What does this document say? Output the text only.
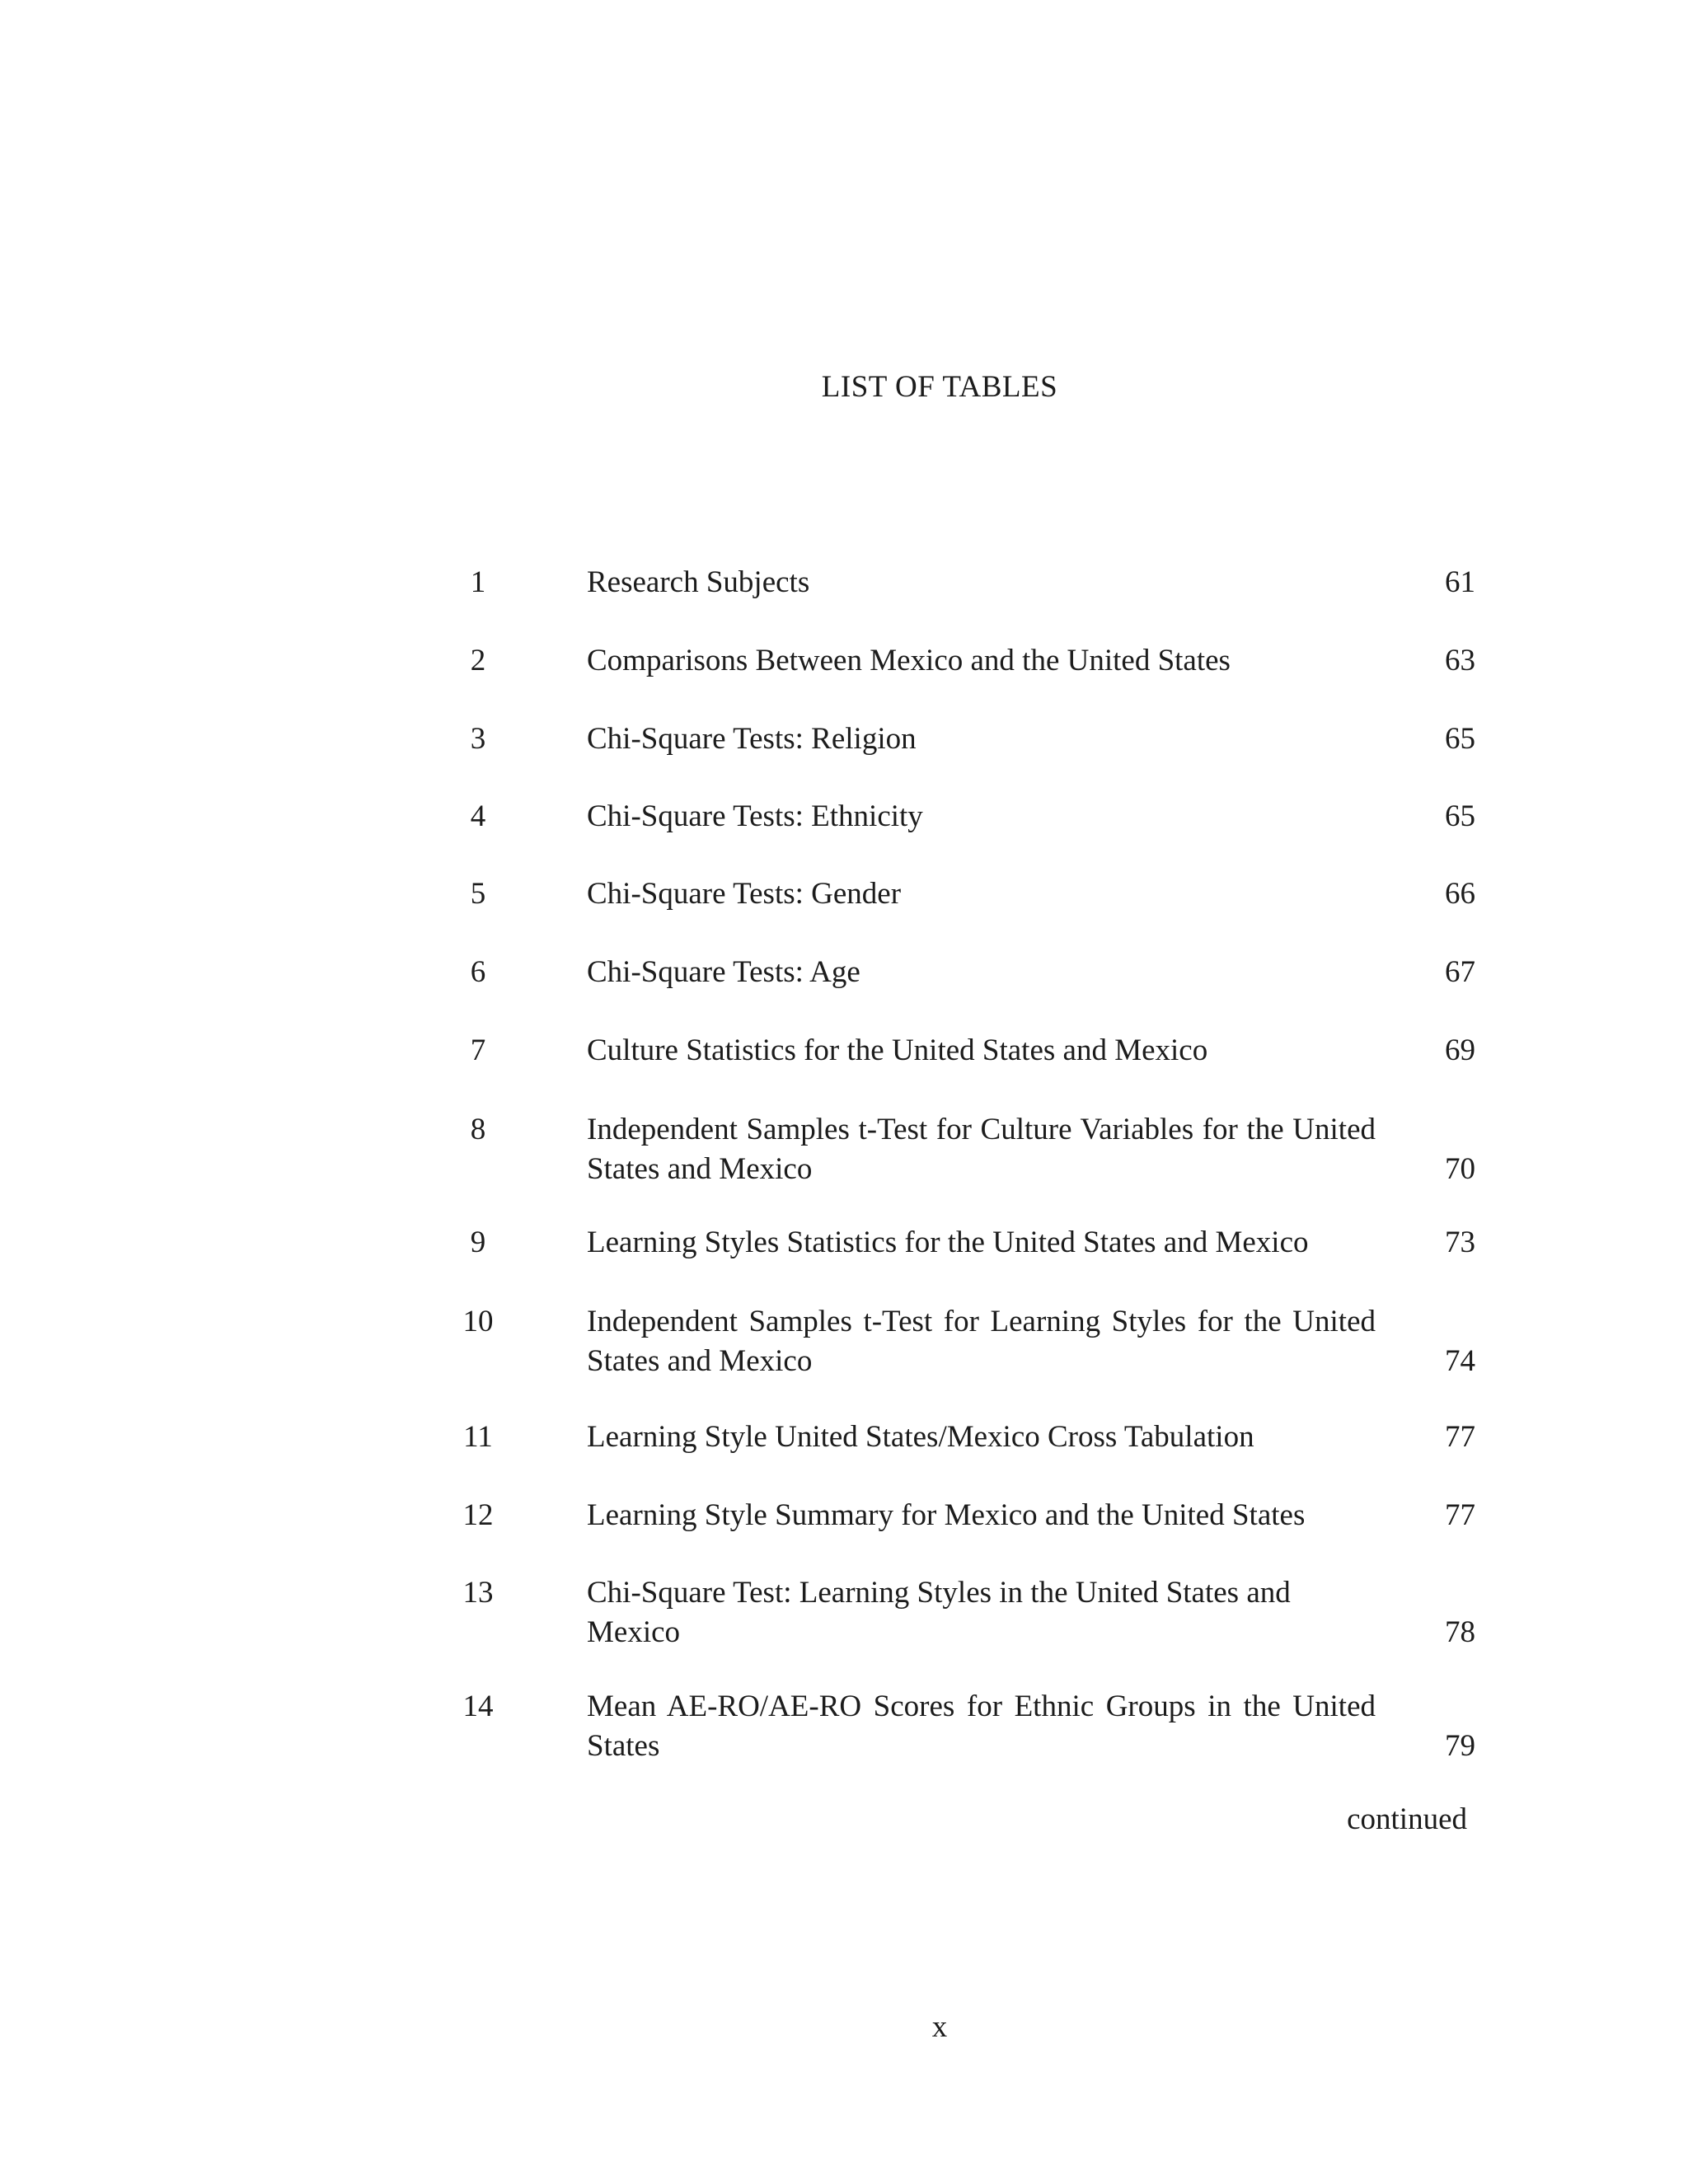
LIST OF TABLES
1	Research Subjects	61
2	Comparisons Between Mexico and the United States	63
3	Chi-Square Tests: Religion	65
4	Chi-Square Tests: Ethnicity	65
5	Chi-Square Tests: Gender	66
6	Chi-Square Tests: Age	67
7	Culture Statistics for the United States and Mexico	69
8	Independent Samples t-Test for Culture Variables for the United States and Mexico	70
9	Learning Styles Statistics for the United States and Mexico	73
10	Independent Samples t-Test for Learning Styles for the United States and Mexico	74
11	Learning Style United States/Mexico Cross Tabulation	77
12	Learning Style Summary for Mexico and the United States	77
13	Chi-Square Test: Learning Styles in the United States and Mexico	78
14	Mean AE-RO/AE-RO Scores for Ethnic Groups in the United States	79
continued
x
